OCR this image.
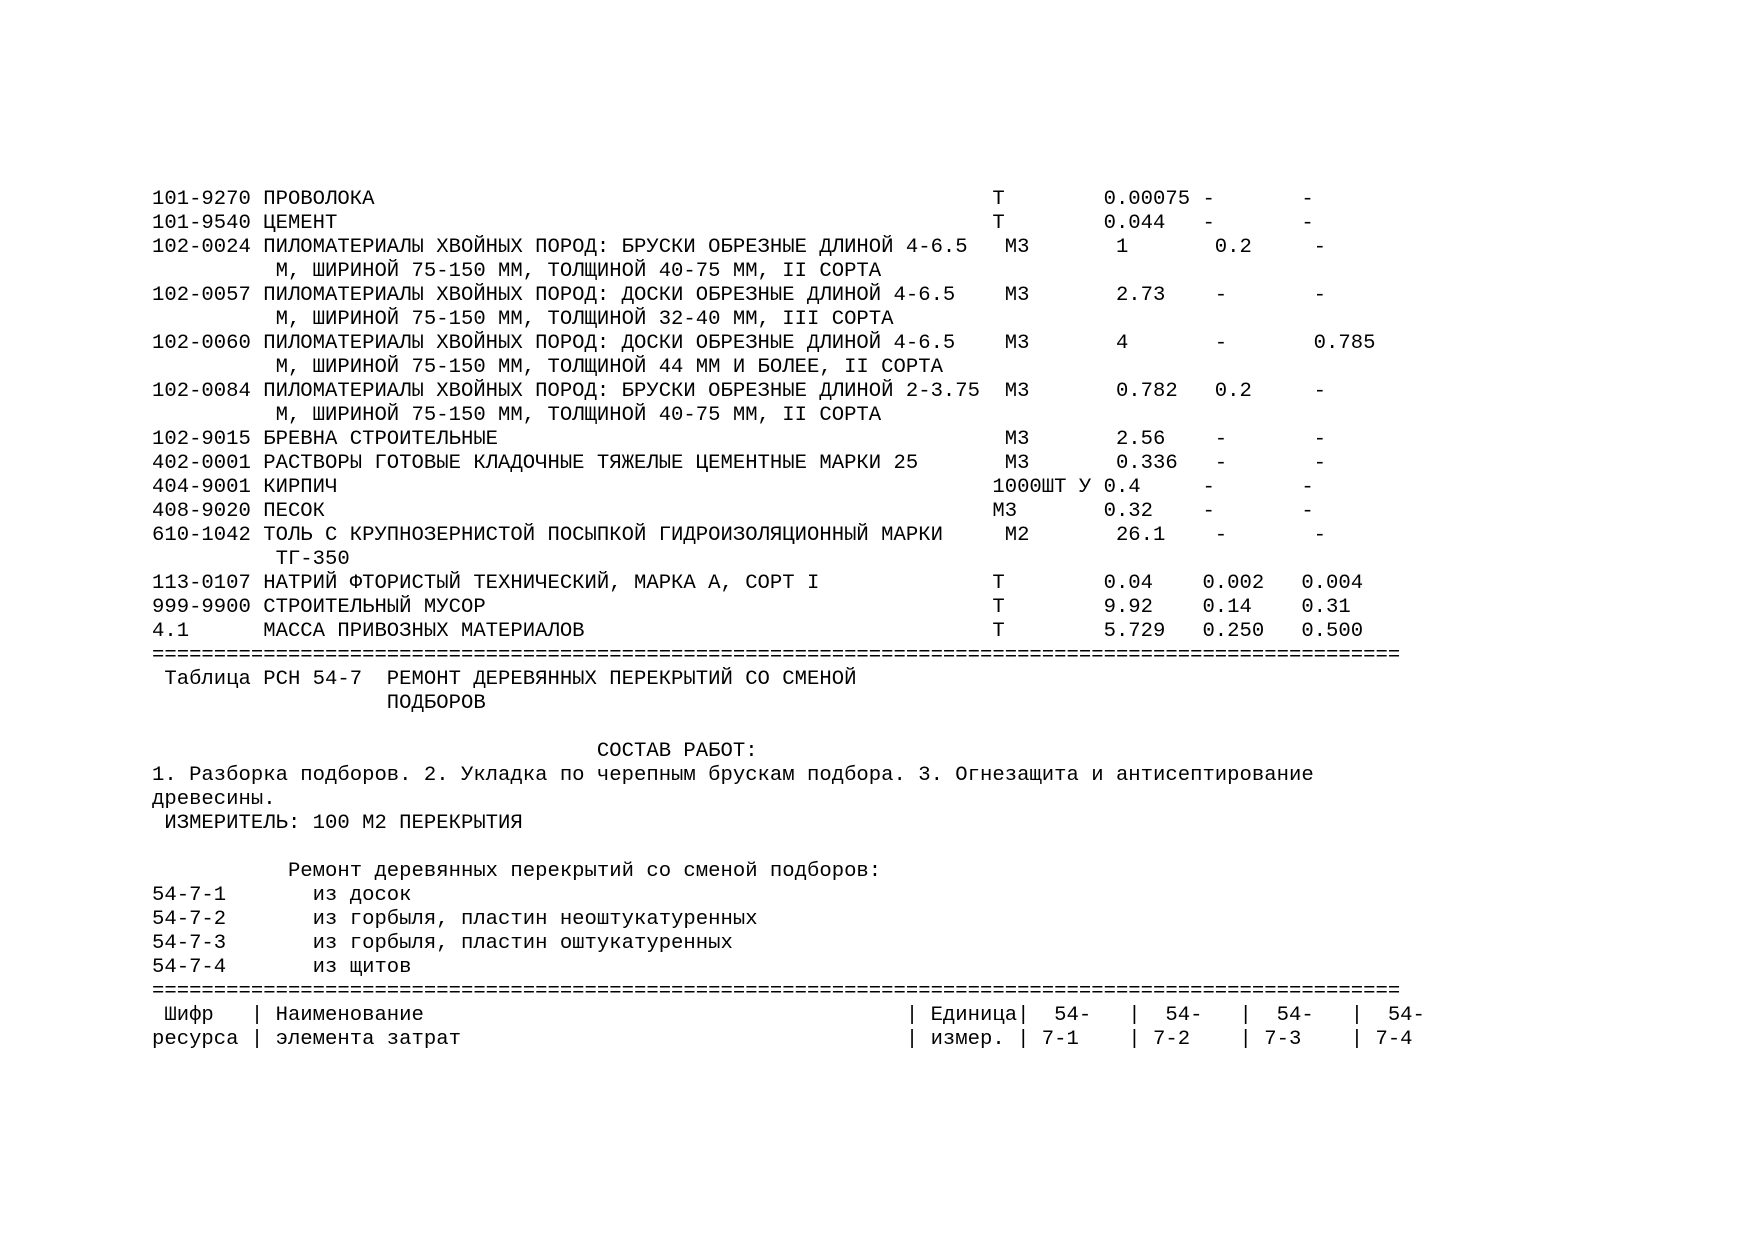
101-9270 ПРОВОЛОКА                                                  Т        0.00075 -       -
101-9540 ЦЕМЕНТ                                                     Т        0.044   -       -
102-0024 ПИЛОМАТЕРИАЛЫ ХВОЙНЫХ ПОРОД: БРУСКИ ОБРЕЗНЫЕ ДЛИНОЙ 4-6.5   М3       1       0.2     -
М, ШИРИНОЙ 75-150 ММ, ТОЛЩИНОЙ 40-75 ММ, II СОРТА
102-0057 ПИЛОМАТЕРИАЛЫ ХВОЙНЫХ ПОРОД: ДОСКИ ОБРЕЗНЫЕ ДЛИНОЙ 4-6.5    М3       2.73    -       -
М, ШИРИНОЙ 75-150 ММ, ТОЛЩИНОЙ 32-40 ММ, III СОРТА
102-0060 ПИЛОМАТЕРИАЛЫ ХВОЙНЫХ ПОРОД: ДОСКИ ОБРЕЗНЫЕ ДЛИНОЙ 4-6.5    М3       4       -       0.785
М, ШИРИНОЙ 75-150 ММ, ТОЛЩИНОЙ 44 ММ И БОЛЕЕ, II СОРТА
102-0084 ПИЛОМАТЕРИАЛЫ ХВОЙНЫХ ПОРОД: БРУСКИ ОБРЕЗНЫЕ ДЛИНОЙ 2-3.75  М3       0.782   0.2     -
М, ШИРИНОЙ 75-150 ММ, ТОЛЩИНОЙ 40-75 ММ, II СОРТА
102-9015 БРЕВНА СТРОИТЕЛЬНЫЕ                                         М3       2.56    -       -
402-0001 РАСТВОРЫ ГОТОВЫЕ КЛАДОЧНЫЕ ТЯЖЕЛЫЕ ЦЕМЕНТНЫЕ МАРКИ 25       М3       0.336   -       -
404-9001 КИРПИЧ                                                     1000ШТ У 0.4     -       -
408-9020 ПЕСОК                                                      М3       0.32    -       -
610-1042 ТОЛЬ С КРУПНОЗЕРНИСТОЙ ПОСЫПКОЙ ГИДРОИЗОЛЯЦИОННЫЙ МАРКИ     М2       26.1    -       -
ТГ-350
113-0107 НАТРИЙ ФТОРИСТЫЙ ТЕХНИЧЕСКИЙ, МАРКА А, СОРТ I              Т        0.04    0.002   0.004
999-9900 СТРОИТЕЛЬНЫЙ МУСОР                                         Т        9.92    0.14    0.31
4.1      МАССА ПРИВОЗНЫХ МАТЕРИАЛОВ                                 Т        5.729   0.250   0.500
=====================================================================================================
Таблица РСН 54-7  РЕМОНТ ДЕРЕВЯННЫХ ПЕРЕКРЫТИЙ СО СМЕНОЙ
ПОДБОРОВ
СОСТАВ РАБОТ:
1. Разборка подборов. 2. Укладка по черепным брускам подбора. 3. Огнезащита и антисептирование
древесины.
ИЗМЕРИТЕЛЬ: 100 М2 ПЕРЕКРЫТИЯ
Ремонт деревянных перекрытий со сменой подборов:
54-7-1       из досок
54-7-2       из горбыля, пластин неоштукатуренных
54-7-3       из горбыля, пластин оштукатуренных
54-7-4       из щитов
=====================================================================================================
Шифр   | Наименование                                       | Единица|  54-   |  54-   |  54-   |  54-
ресурса | элемента затрат                                    | измер. | 7-1    | 7-2    | 7-3    | 7-4
